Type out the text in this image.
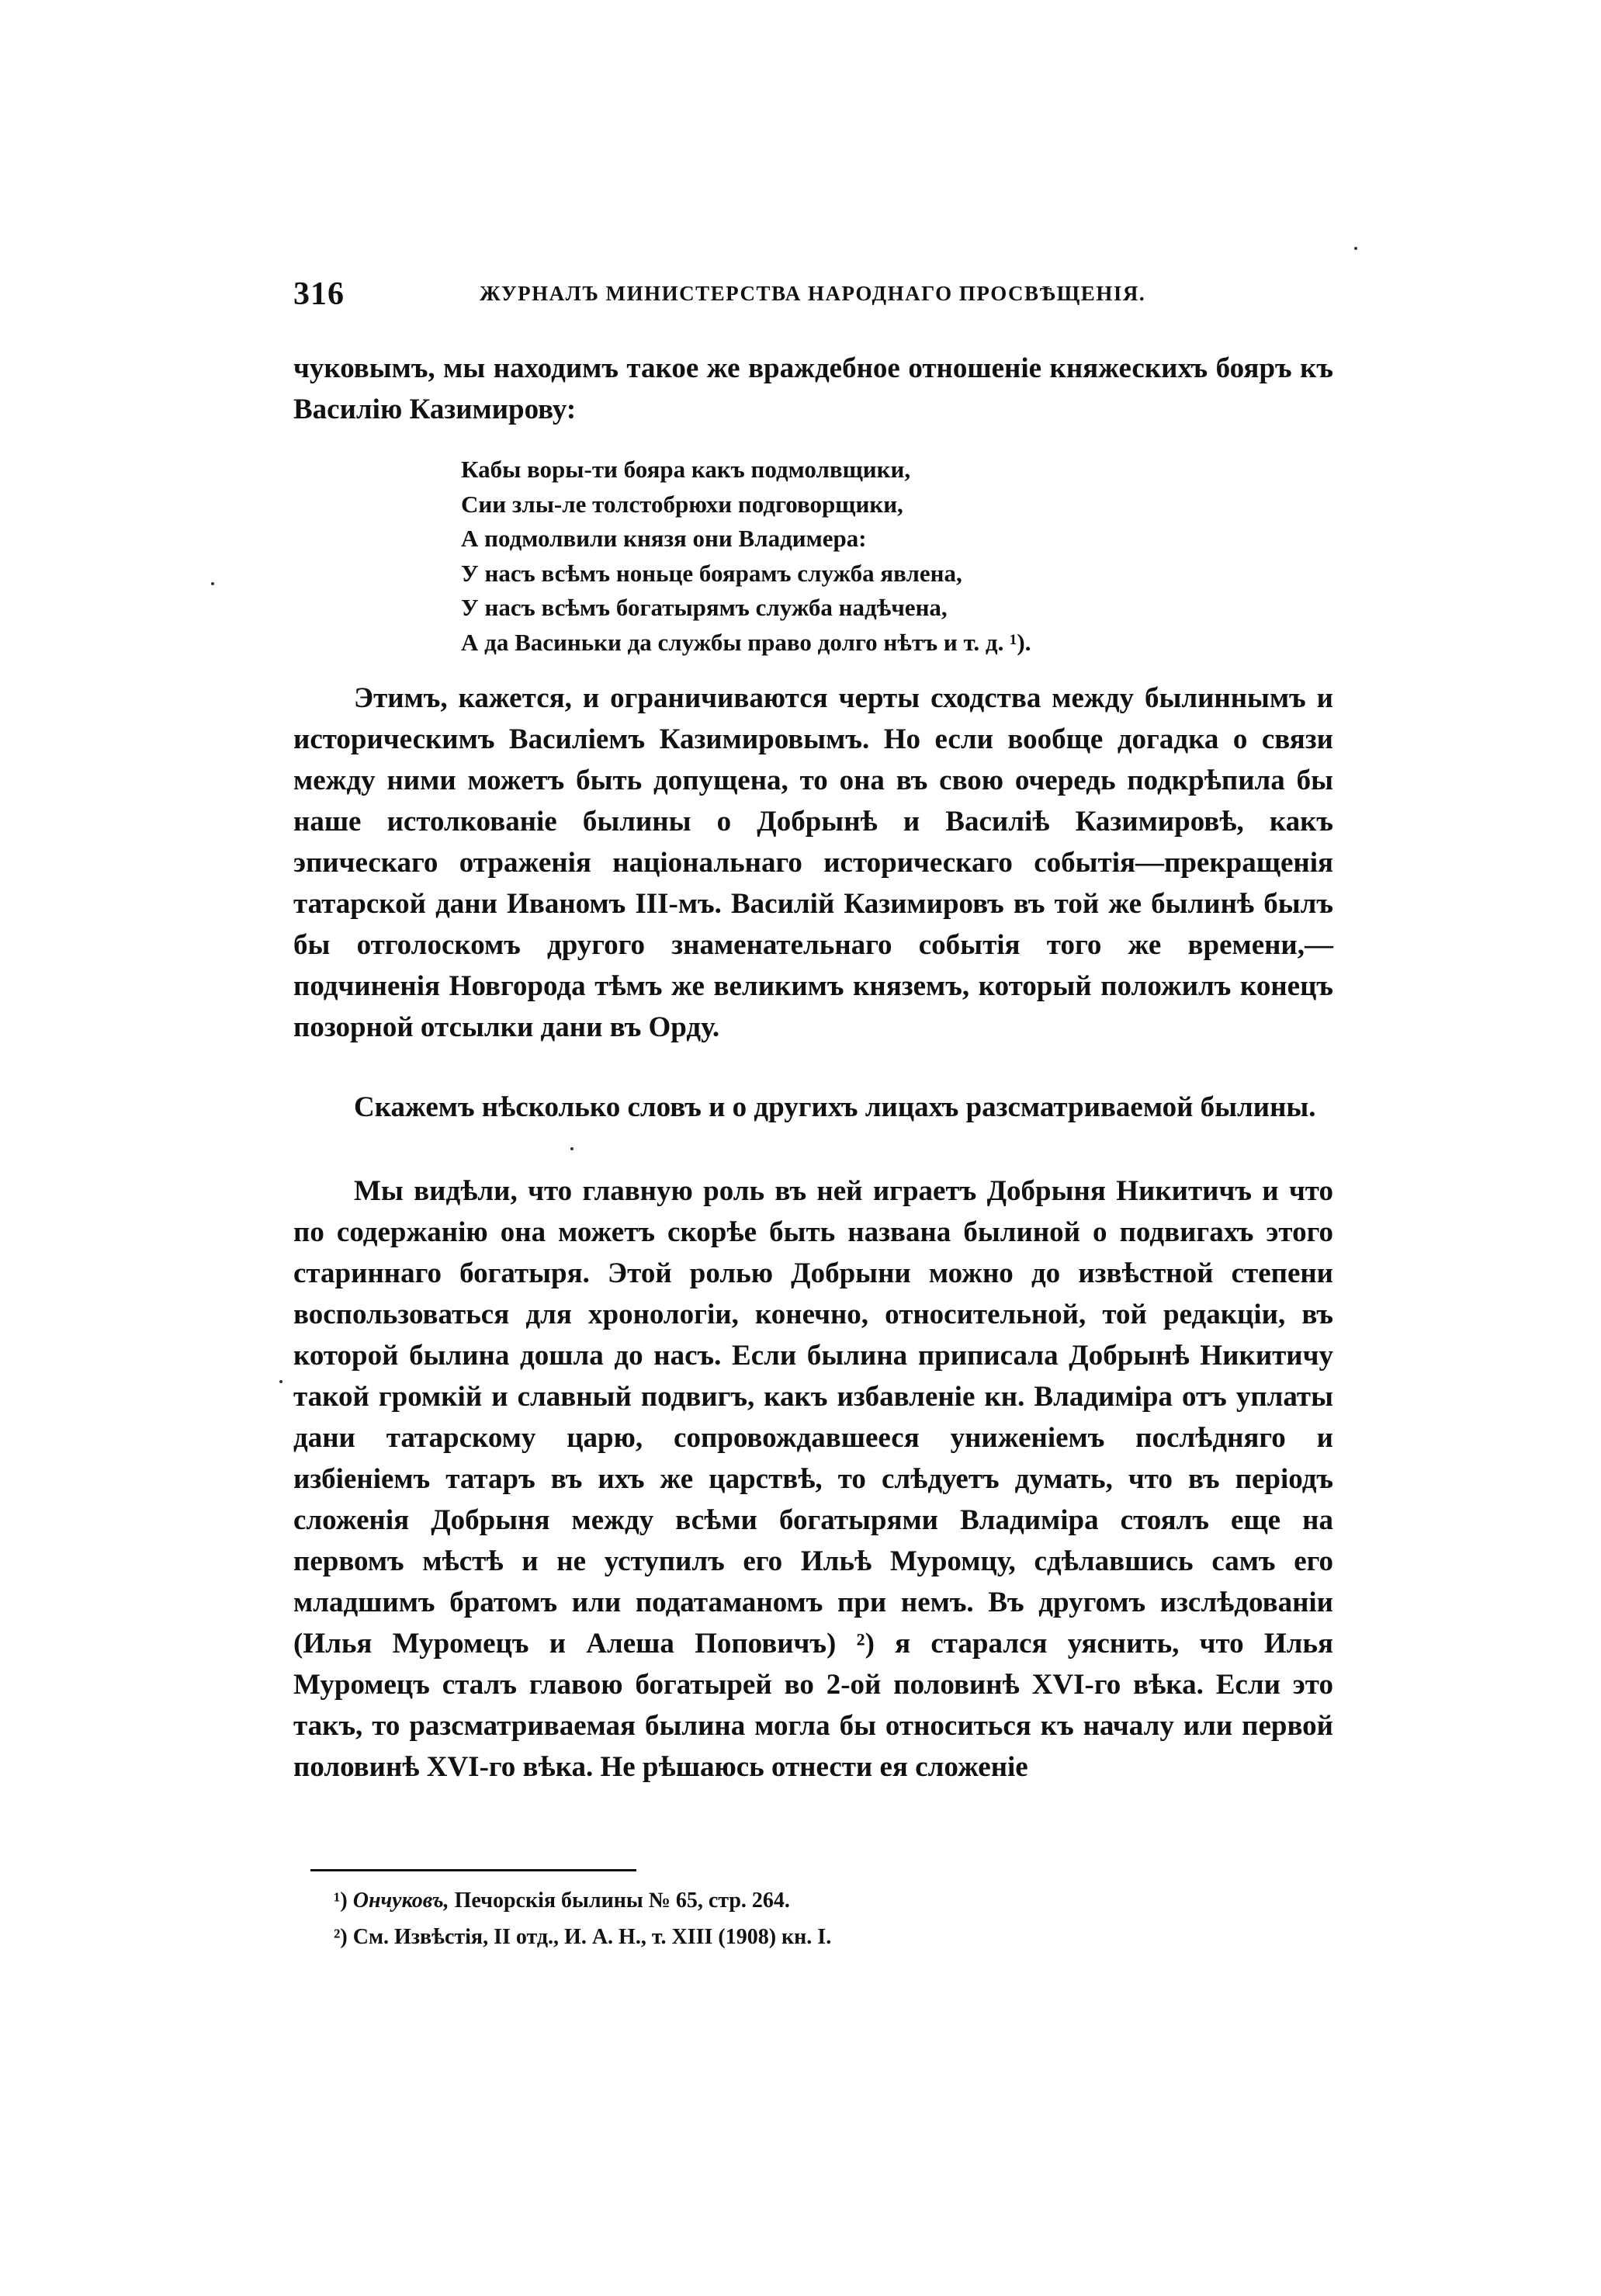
316	ЖУРНАЛЪ МИНИСТЕРСТВА НАРОДНАГО ПРОСВѢЩЕНІЯ.
чуковымъ, мы находимъ такое же враждебное отношеніе княжескихъ бояръ къ Василію Казимирову:
Кабы воры-ти бояра какъ подмолвщики,
Сии злы-ле толстобрюхи подговорщики,
А подмолвили князя они Владимера:
У насъ всѣмъ ноньце боярамъ служба явлена,
У насъ всѣмъ богатырямъ служба надѣчена,
А да Васиньки да службы право долго нѣтъ и т. д. ¹).
Этимъ, кажется, и ограничиваются черты сходства между былиннымъ и историческимъ Василіемъ Казимировымъ. Но если вообще догадка о связи между ними можетъ быть допущена, то она въ свою очередь подкрѣпила бы наше истолкованіе былины о Добрынѣ и Василіѣ Казимировѣ, какъ эпическаго отраженія національнаго историческаго событія—прекращенія татарской дани Иваномъ III-мъ. Василій Казимировъ въ той же былинѣ былъ бы отголоскомъ другого знаменательнаго событія того же времени,—подчиненія Новгорода тѣмъ же великимъ княземъ, который положилъ конецъ позорной отсылки дани въ Орду.
Скажемъ нѣсколько словъ и о другихъ лицахъ разсматриваемой былины.
Мы видѣли, что главную роль въ ней играетъ Добрыня Никитичъ и что по содержанію она можетъ скорѣе быть названа былиной о подвигахъ этого стариннаго богатыря. Этой ролью Добрыни можно до извѣстной степени воспользоваться для хронологіи, конечно, относительной, той редакціи, въ которой былина дошла до насъ. Если былина приписала Добрынѣ Никитичу такой громкій и славный подвигъ, какъ избавленіе кн. Владиміра отъ уплаты дани татарскому царю, сопровождавшееся униженіемъ послѣдняго и избіеніемъ татаръ въ ихъ же царствѣ, то слѣдуетъ думать, что въ періодъ сложенія Добрыня между всѣми богатырями Владиміра стоялъ еще на первомъ мѣстѣ и не уступилъ его Ильѣ Муромцу, сдѣлавшись самъ его младшимъ братомъ или податаманомъ при немъ. Въ другомъ изслѣдованіи (Илья Муромецъ и Алеша Поповичъ) ²) я старался уяснить, что Илья Муромецъ сталъ главою богатырей во 2-ой половинѣ XVI-го вѣка. Если это такъ, то разсматриваемая былина могла бы относиться къ началу или первой половинѣ XVI-го вѣка. Не рѣшаюсь отнести ея сложеніе
¹) Ончуковъ, Печорскія былины № 65, стр. 264.
²) См. Извѣстія, II отд., И. А. Н., т. XIII (1908) кн. I.
